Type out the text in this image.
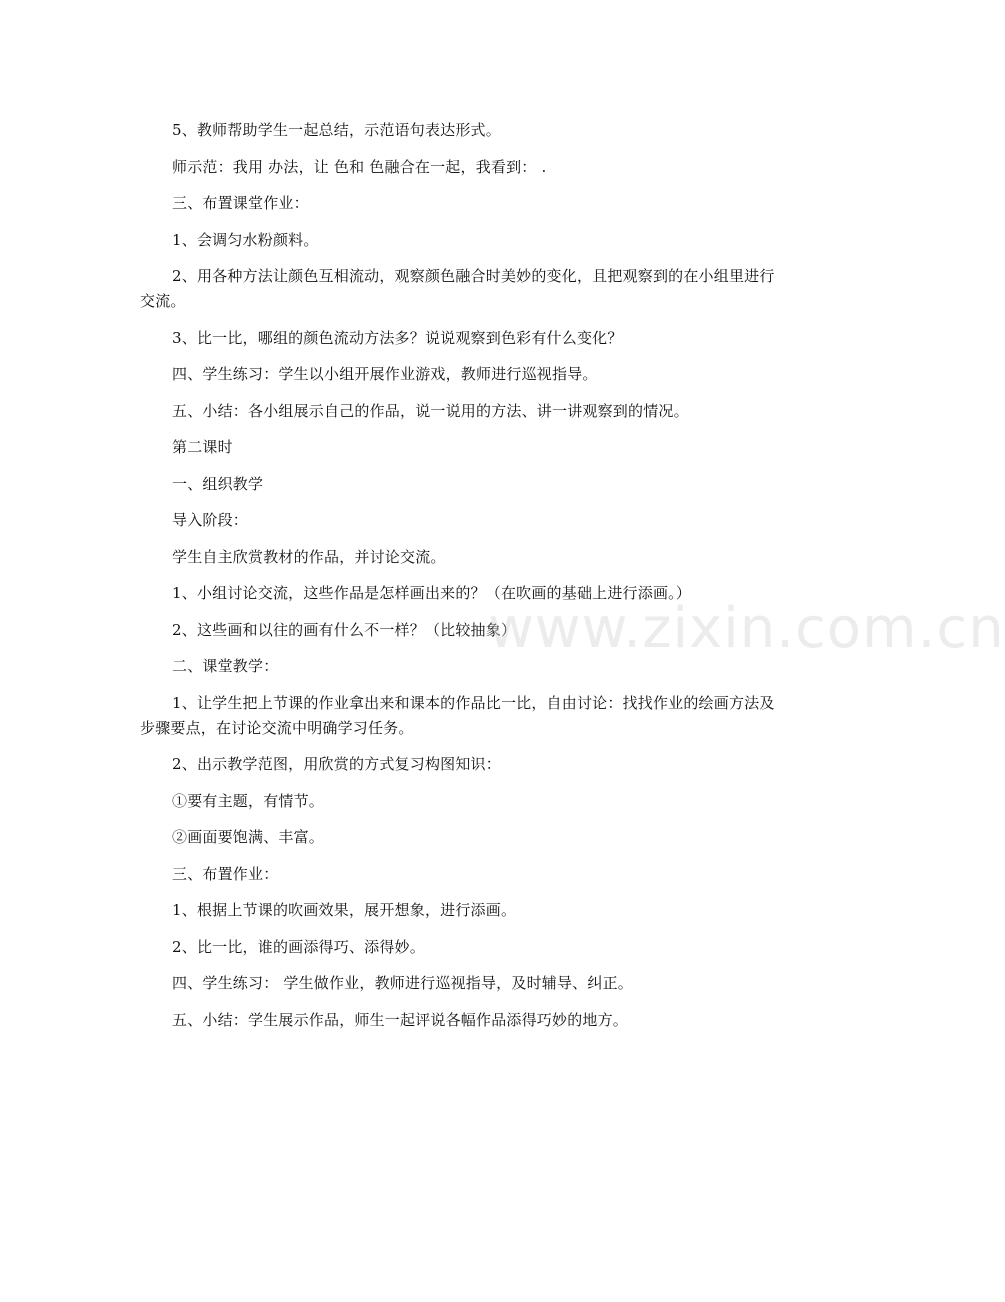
5、教师帮助学生一起总结，示范语句表达形式。

师示范：我用 办法，让 色和 色融合在一起，我看到： .

三、布置课堂作业：

1、会调匀水粉颜料。

2、用各种方法让颜色互相流动，观察颜色融合时美妙的变化，且把观察到的在小组里进行交流。

3、比一比，哪组的颜色流动方法多？说说观察到色彩有什么变化？

四、学生练习：学生以小组开展作业游戏，教师进行巡视指导。

五、小结：各小组展示自己的作品，说一说用的方法、讲一讲观察到的情况。

第二课时

一、组织教学

导入阶段：

学生自主欣赏教材的作品，并讨论交流。

1、小组讨论交流，这些作品是怎样画出来的？（在吹画的基础上进行添画。）

2、这些画和以往的画有什么不一样？（比较抽象）

二、课堂教学：

1、让学生把上节课的作业拿出来和课本的作品比一比，自由讨论：找找作业的绘画方法及步骤要点，在讨论交流中明确学习任务。

2、出示教学范图，用欣赏的方式复习构图知识：

①要有主题，有情节。

②画面要饱满、丰富。

三、布置作业：

1、根据上节课的吹画效果，展开想象，进行添画。

2、比一比，谁的画添得巧、添得妙。

四、学生练习： 学生做作业，教师进行巡视指导，及时辅导、纠正。

五、小结：学生展示作品，师生一起评说各幅作品添得巧妙的地方。

www.zixin.com.cn
